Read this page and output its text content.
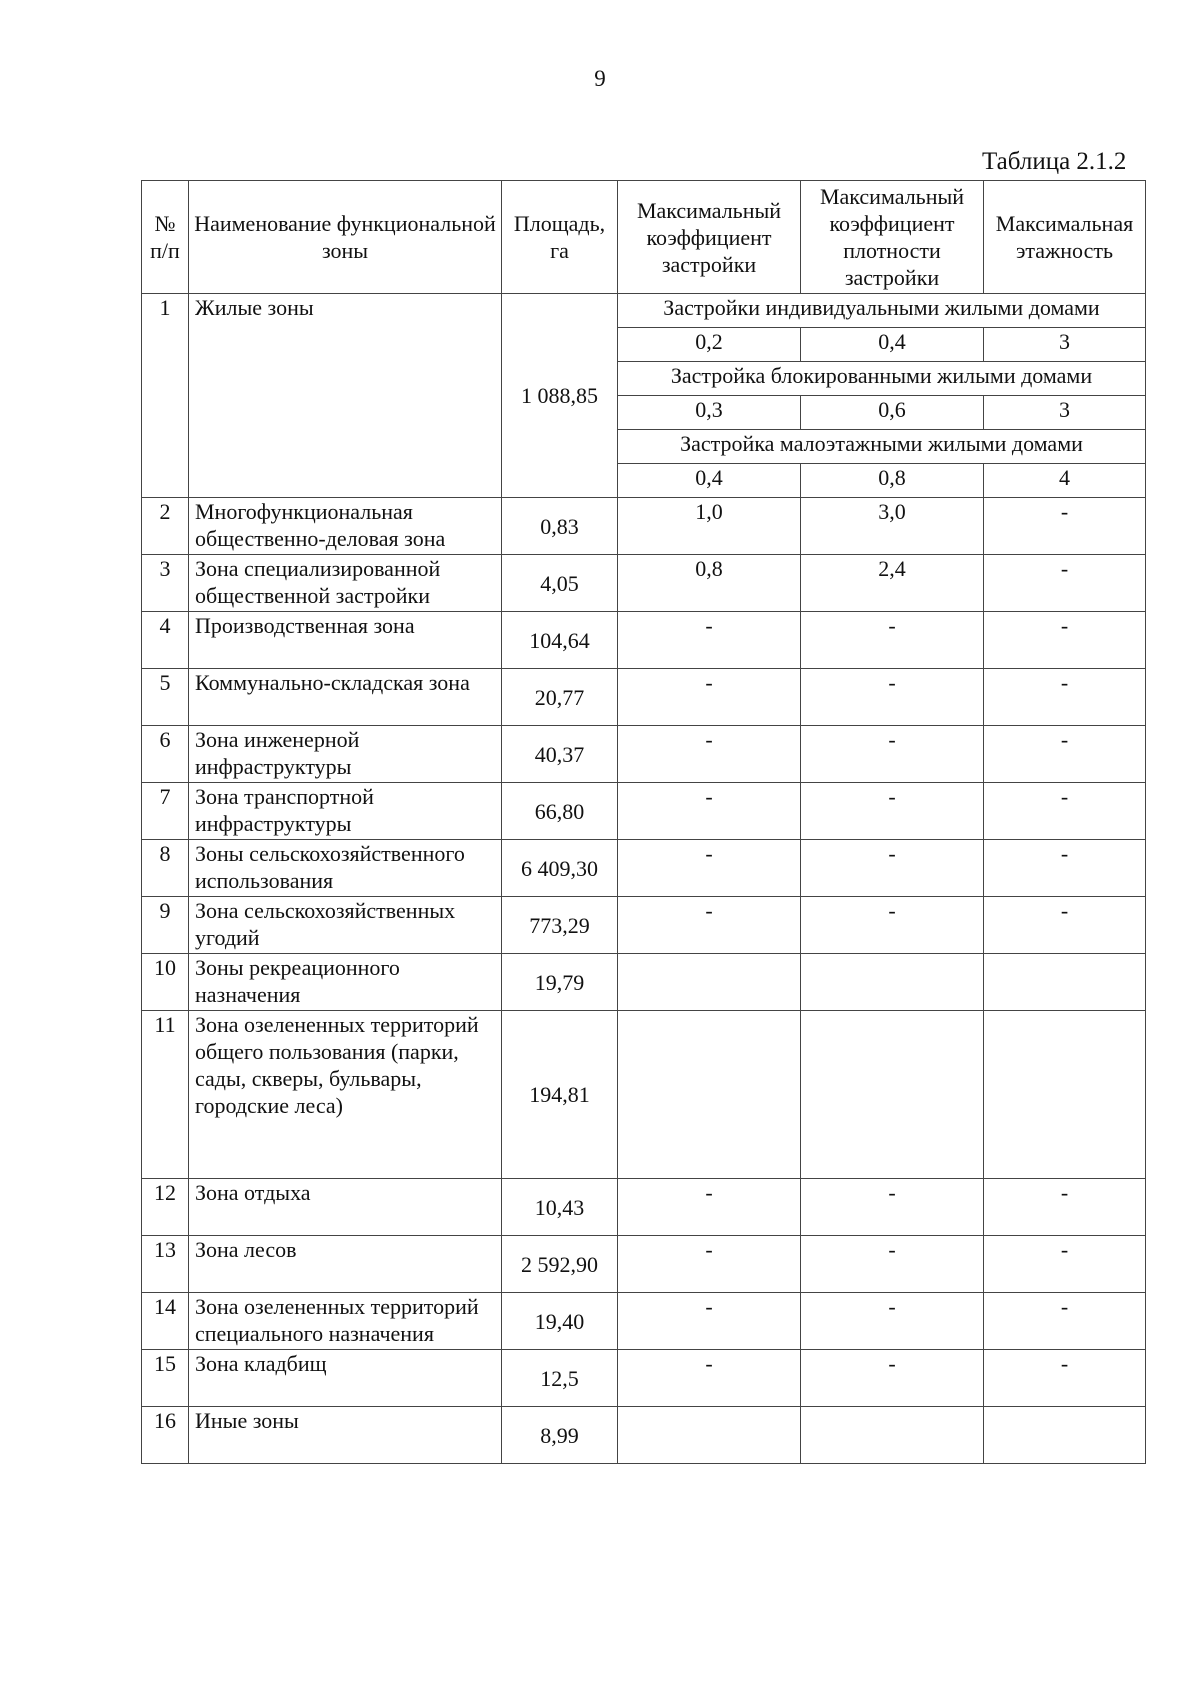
9
Таблица 2.1.2
№ п/п	Наименование функциональной зоны	Площадь, га	Максимальный коэффициент застройки	Максимальный коэффициент плотности застройки	Максимальная этажность
1	Жилые зоны	1 088,85	Застройки индивидуальными жилыми домами		
			0,2	0,4	3
			Застройка блокированными жилыми домами		
			0,3	0,6	3
			Застройка малоэтажными жилыми домами		
			0,4	0,8	4
2	Многофункциональная общественно-деловая зона	0,83	1,0	3,0	-
3	Зона специализированной общественной застройки	4,05	0,8	2,4	-
4	Производственная зона	104,64	-	-	-
5	Коммунально-складская зона	20,77	-	-	-
6	Зона инженерной инфраструктуры	40,37	-	-	-
7	Зона транспортной инфраструктуры	66,80	-	-	-
8	Зоны сельскохозяйственного использования	6 409,30	-	-	-
9	Зона сельскохозяйственных угодий	773,29	-	-	-
10	Зоны рекреационного назначения	19,79			
11	Зона озелененных территорий общего пользования (парки, сады, скверы, бульвары, городские леса)	194,81			
12	Зона отдыха	10,43	-	-	-
13	Зона лесов	2 592,90	-	-	-
14	Зона озелененных территорий специального назначения	19,40	-	-	-
15	Зона кладбищ	12,5	-	-	-
16	Иные зоны	8,99			
